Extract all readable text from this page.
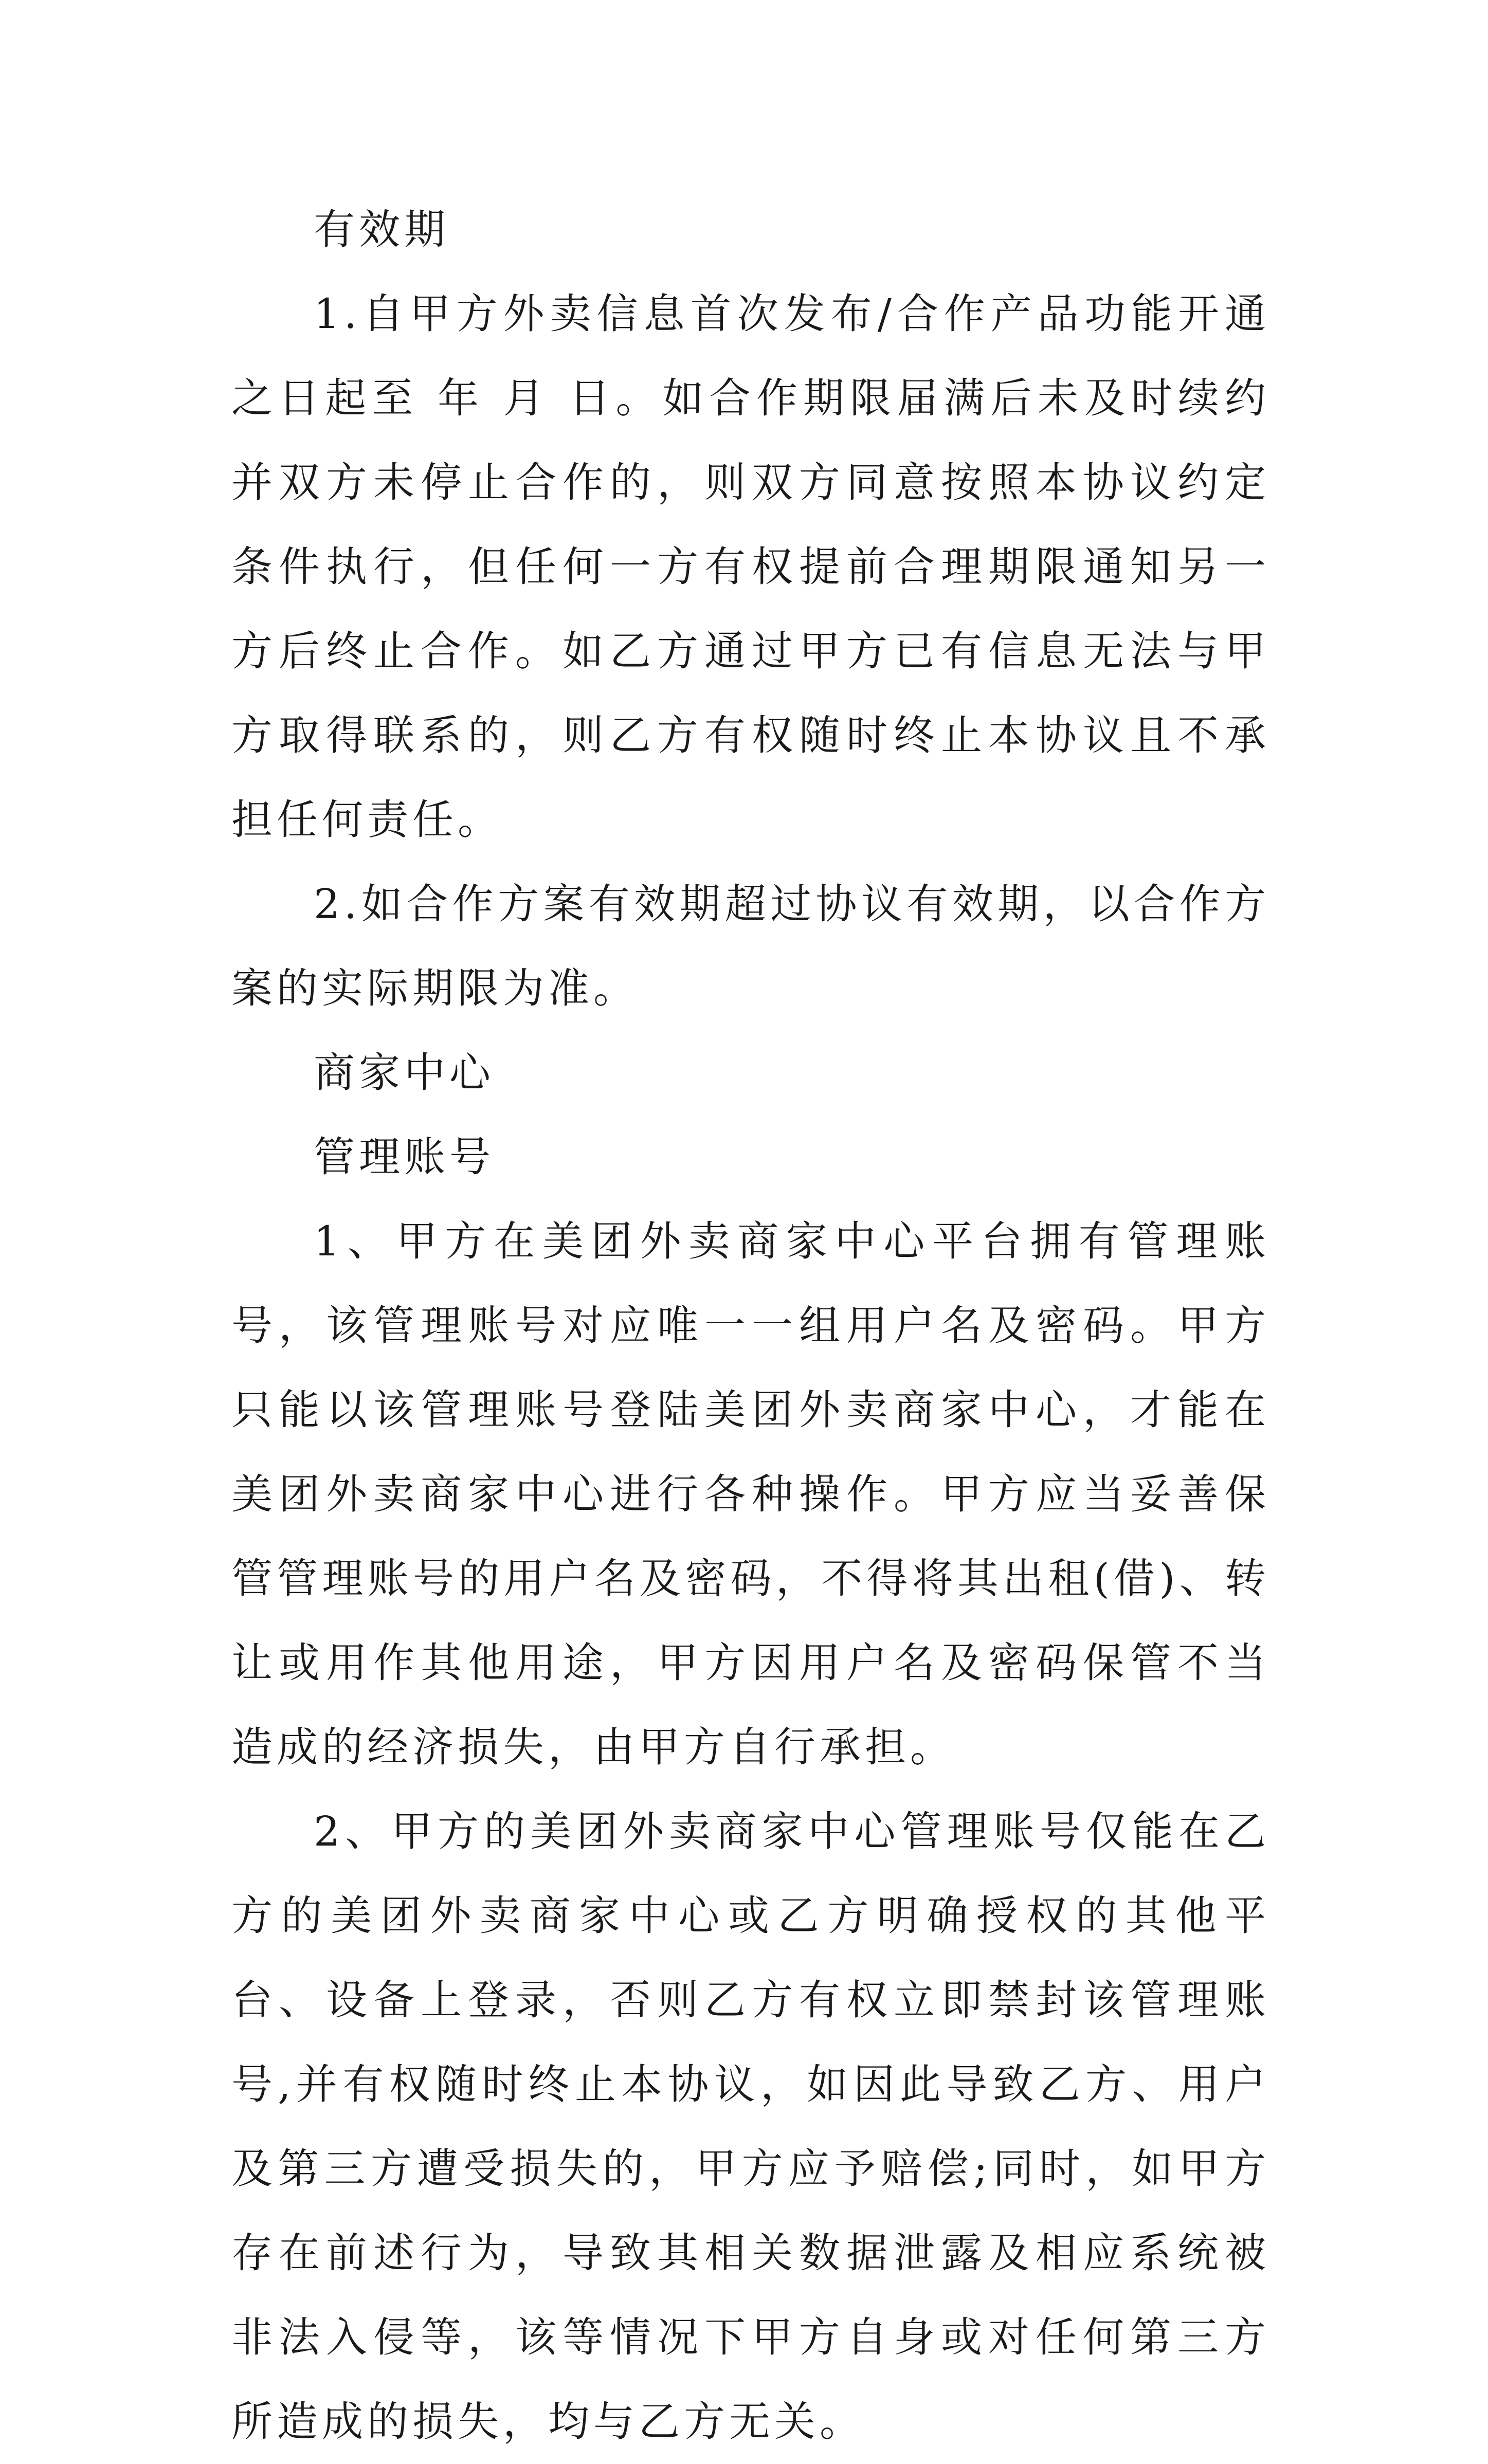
有效期

1.自甲方外卖信息首次发布/合作产品功能开通之日起至 年 月 日。如合作期限届满后未及时续约并双方未停止合作的，则双方同意按照本协议约定条件执行，但任何一方有权提前合理期限通知另一方后终止合作。如乙方通过甲方已有信息无法与甲方取得联系的，则乙方有权随时终止本协议且不承担任何责任。

2.如合作方案有效期超过协议有效期，以合作方案的实际期限为准。

商家中心

管理账号

1、甲方在美团外卖商家中心平台拥有管理账号，该管理账号对应唯一一组用户名及密码。甲方只能以该管理账号登陆美团外卖商家中心，才能在美团外卖商家中心进行各种操作。甲方应当妥善保管管理账号的用户名及密码，不得将其出租(借)、转让或用作其他用途，甲方因用户名及密码保管不当造成的经济损失，由甲方自行承担。

2、甲方的美团外卖商家中心管理账号仅能在乙方的美团外卖商家中心或乙方明确授权的其他平台、设备上登录，否则乙方有权立即禁封该管理账号,并有权随时终止本协议，如因此导致乙方、用户及第三方遭受损失的，甲方应予赔偿;同时，如甲方存在前述行为，导致其相关数据泄露及相应系统被非法入侵等，该等情况下甲方自身或对任何第三方所造成的损失，均与乙方无关。
